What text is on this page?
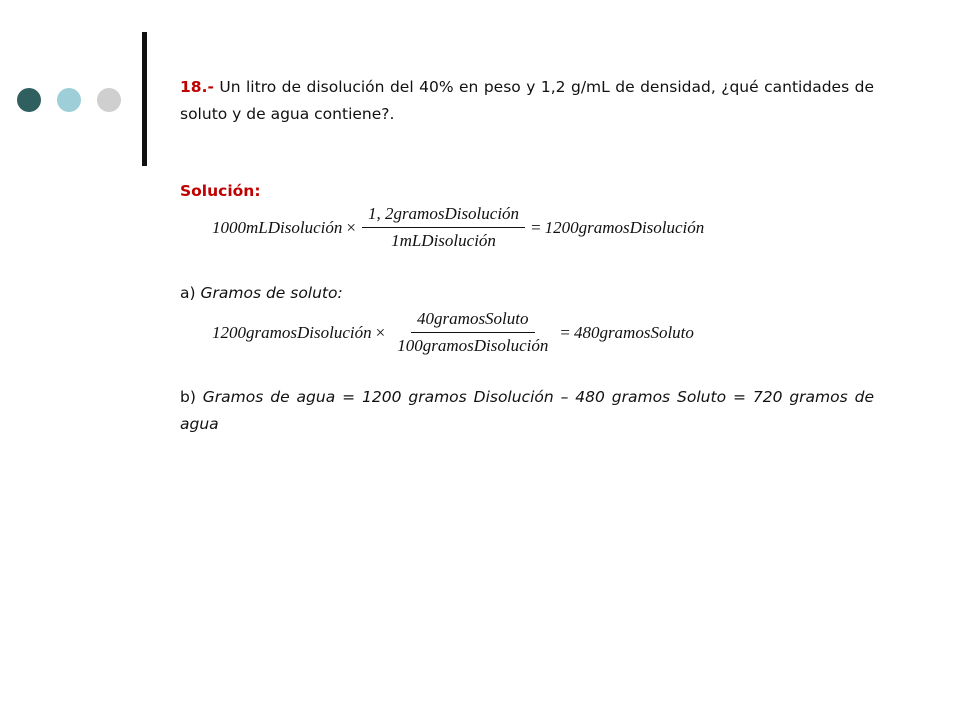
18.- Un litro de disolución del 40% en peso y 1,2 g/mL de densidad, ¿qué cantidades de soluto y de agua contiene?.
Solución:
1000mLDisolución × $\frac{\text{1, 2gramosDisolución}}{\text{1mLDisolución}}$ = 1200gramosDisolución
a) Gramos de soluto:
1200gramosDisolución × $\frac{\text{40gramosSoluto}}{\text{100gramosDisolución}}$ = 480gramosSoluto
b) Gramos de agua = 1200 gramos Disolución – 480 gramos Soluto = 720 gramos de agua
